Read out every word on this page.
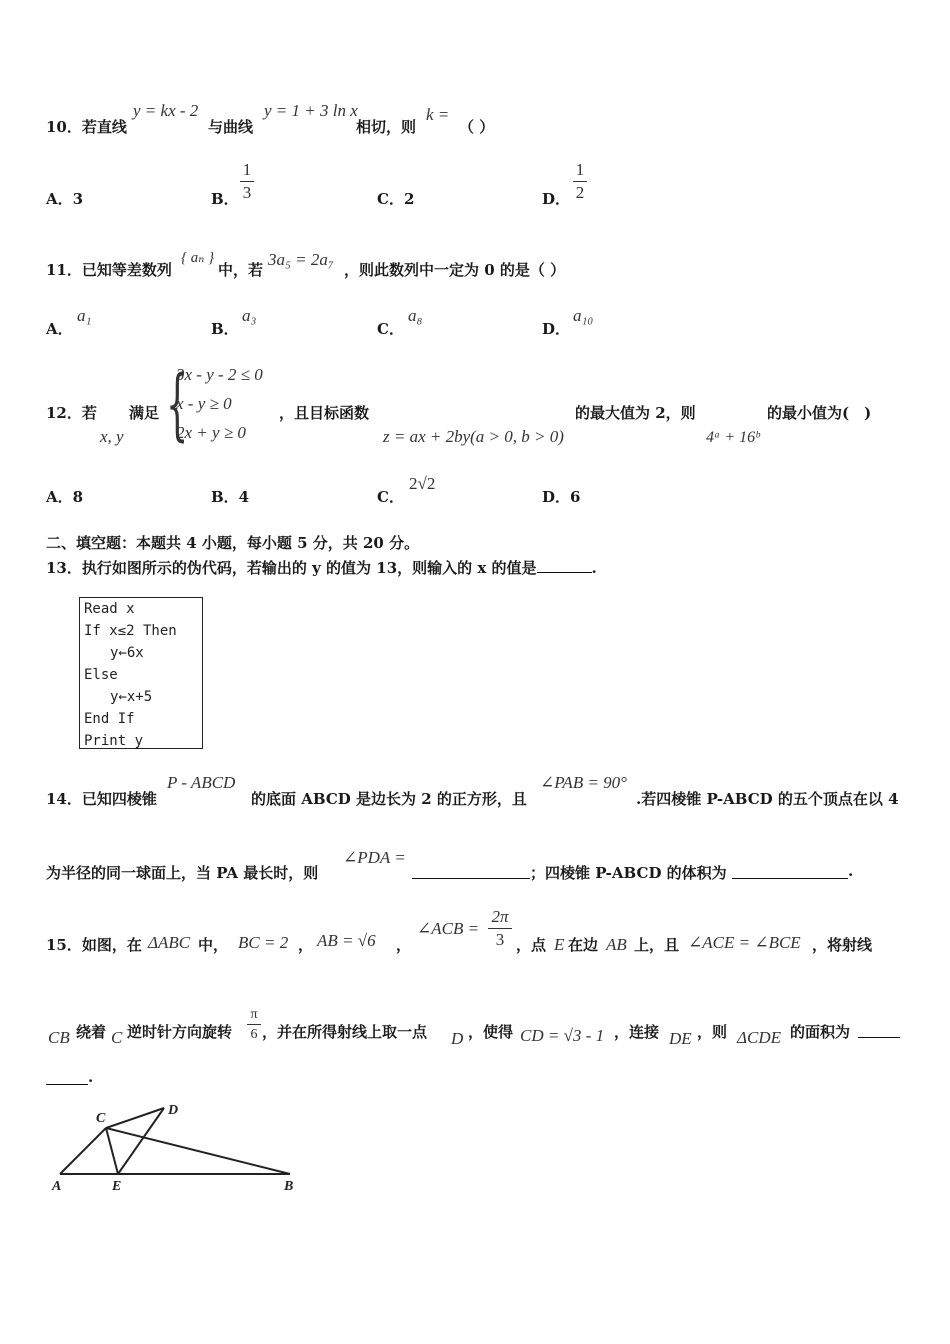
10．若直线
y = kx - 2
与曲线
y = 1 + 3 ln x
相切，则
k =
（ ）
A．3	B．
1
3	C．2	D．
1
2
11．已知等差数列
{ aₙ }
中，若
3a₅ = 2a₇
，则此数列中一定为 0 的是（ ）
A．
a₁
B．
a₃
C．
a₈
D．
a₁₀
12．若
x, y
满足 {
3x - y - 2 ≤ 0
x - y ≥ 0
2x + y ≥ 0
，且目标函数
z = ax + 2by(a > 0, b > 0)
的最大值为 2，则
4ᵃ + 16ᵇ
的最小值为(　)
A．8	B．4	C．
2√2
D．6
二、填空题：本题共 4 小题，每小题 5 分，共 20 分。
13．执行如图所示的伪代码，若输出的 y 的值为 13，则输入的 x 的值是	.
Read x
If x≤2 Then
y←6x
Else
y←x+5
End If
Print y
14．已知四棱锥
P - ABCD
的底面 ABCD 是边长为 2 的正方形，且
∠PAB = 90°
.若四棱锥 P-ABCD 的五个顶点在以 4
为半径的同一球面上，当 PA 最长时，则
∠PDA =
；四棱锥 P-ABCD 的体积为	.
15．如图，在 ΔABC 中， BC = 2 ， AB = √6 ，
∠ACB =
2π
3 ，点 E 在边 AB 上，且 ∠ACE = ∠BCE ，将射线
CB 绕着 C 逆时针方向旋转
π
6 ，并在所得射线上取一点 D ，使得 CD = √3 - 1 ，连接 DE ，则 ΔCDE 的面积为
.
C
D
A	E	B
